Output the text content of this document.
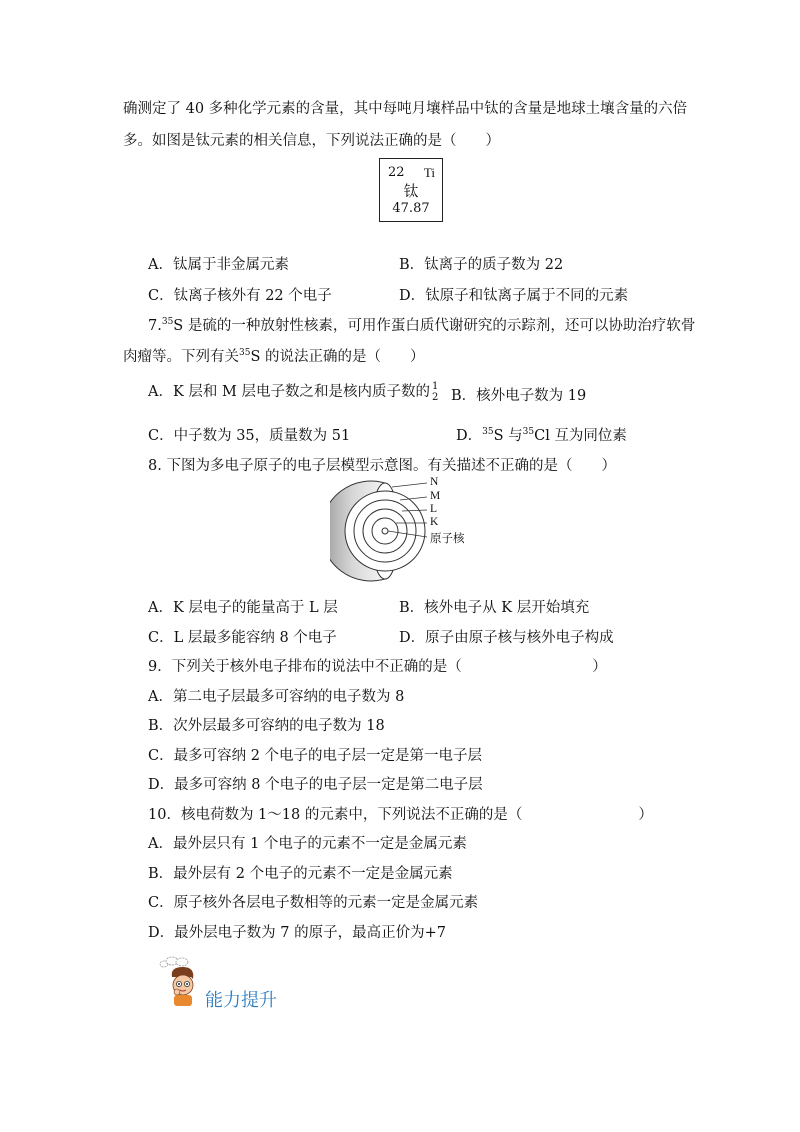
确测定了 40 多种化学元素的含量，其中每吨月壤样品中钛的含量是地球土壤含量的六倍
多。如图是钛元素的相关信息，下列说法正确的是（　　）
22 Ti
钛
47.87
A．钛属于非金属元素	B．钛离子的质子数为 22
C．钛离子核外有 22 个电子	D．钛原子和钛离子属于不同的元素
7.35S 是硫的一种放射性核素，可用作蛋白质代谢研究的示踪剂，还可以协助治疗软骨
肉瘤等。下列有关$^{35}$S 的说法正确的是（　　）
A．K 层和 M 层电子数之和是核内质子数的 1
2 B．核外电子数为 19
C．中子数为 35，质量数为 51	D．$^{35}$S 与$^{35}$Cl 互为同位素
8. 下图为多电子原子的电子层模型示意图。有关描述不正确的是（　　）
N
M
L
K
原子核
A．K 层电子的能量高于 L 层	B．核外电子从 K 层开始填充
C．L 层最多能容纳 8 个电子	D．原子由原子核与核外电子构成
9．下列关于核外电子排布的说法中不正确的是（　　　　　　　　　）
A．第二电子层最多可容纳的电子数为 8
B．次外层最多可容纳的电子数为 18
C．最多可容纳 2 个电子的电子层一定是第一电子层
D．最多可容纳 8 个电子的电子层一定是第二电子层
10．核电荷数为 1～18 的元素中，下列说法不正确的是（　　　　　　　　）
A．最外层只有 1 个电子的元素不一定是金属元素
B．最外层有 2 个电子的元素不一定是金属元素
C．原子核外各层电子数相等的元素一定是金属元素
D．最外层电子数为 7 的原子，最高正价为+7
能力提升
